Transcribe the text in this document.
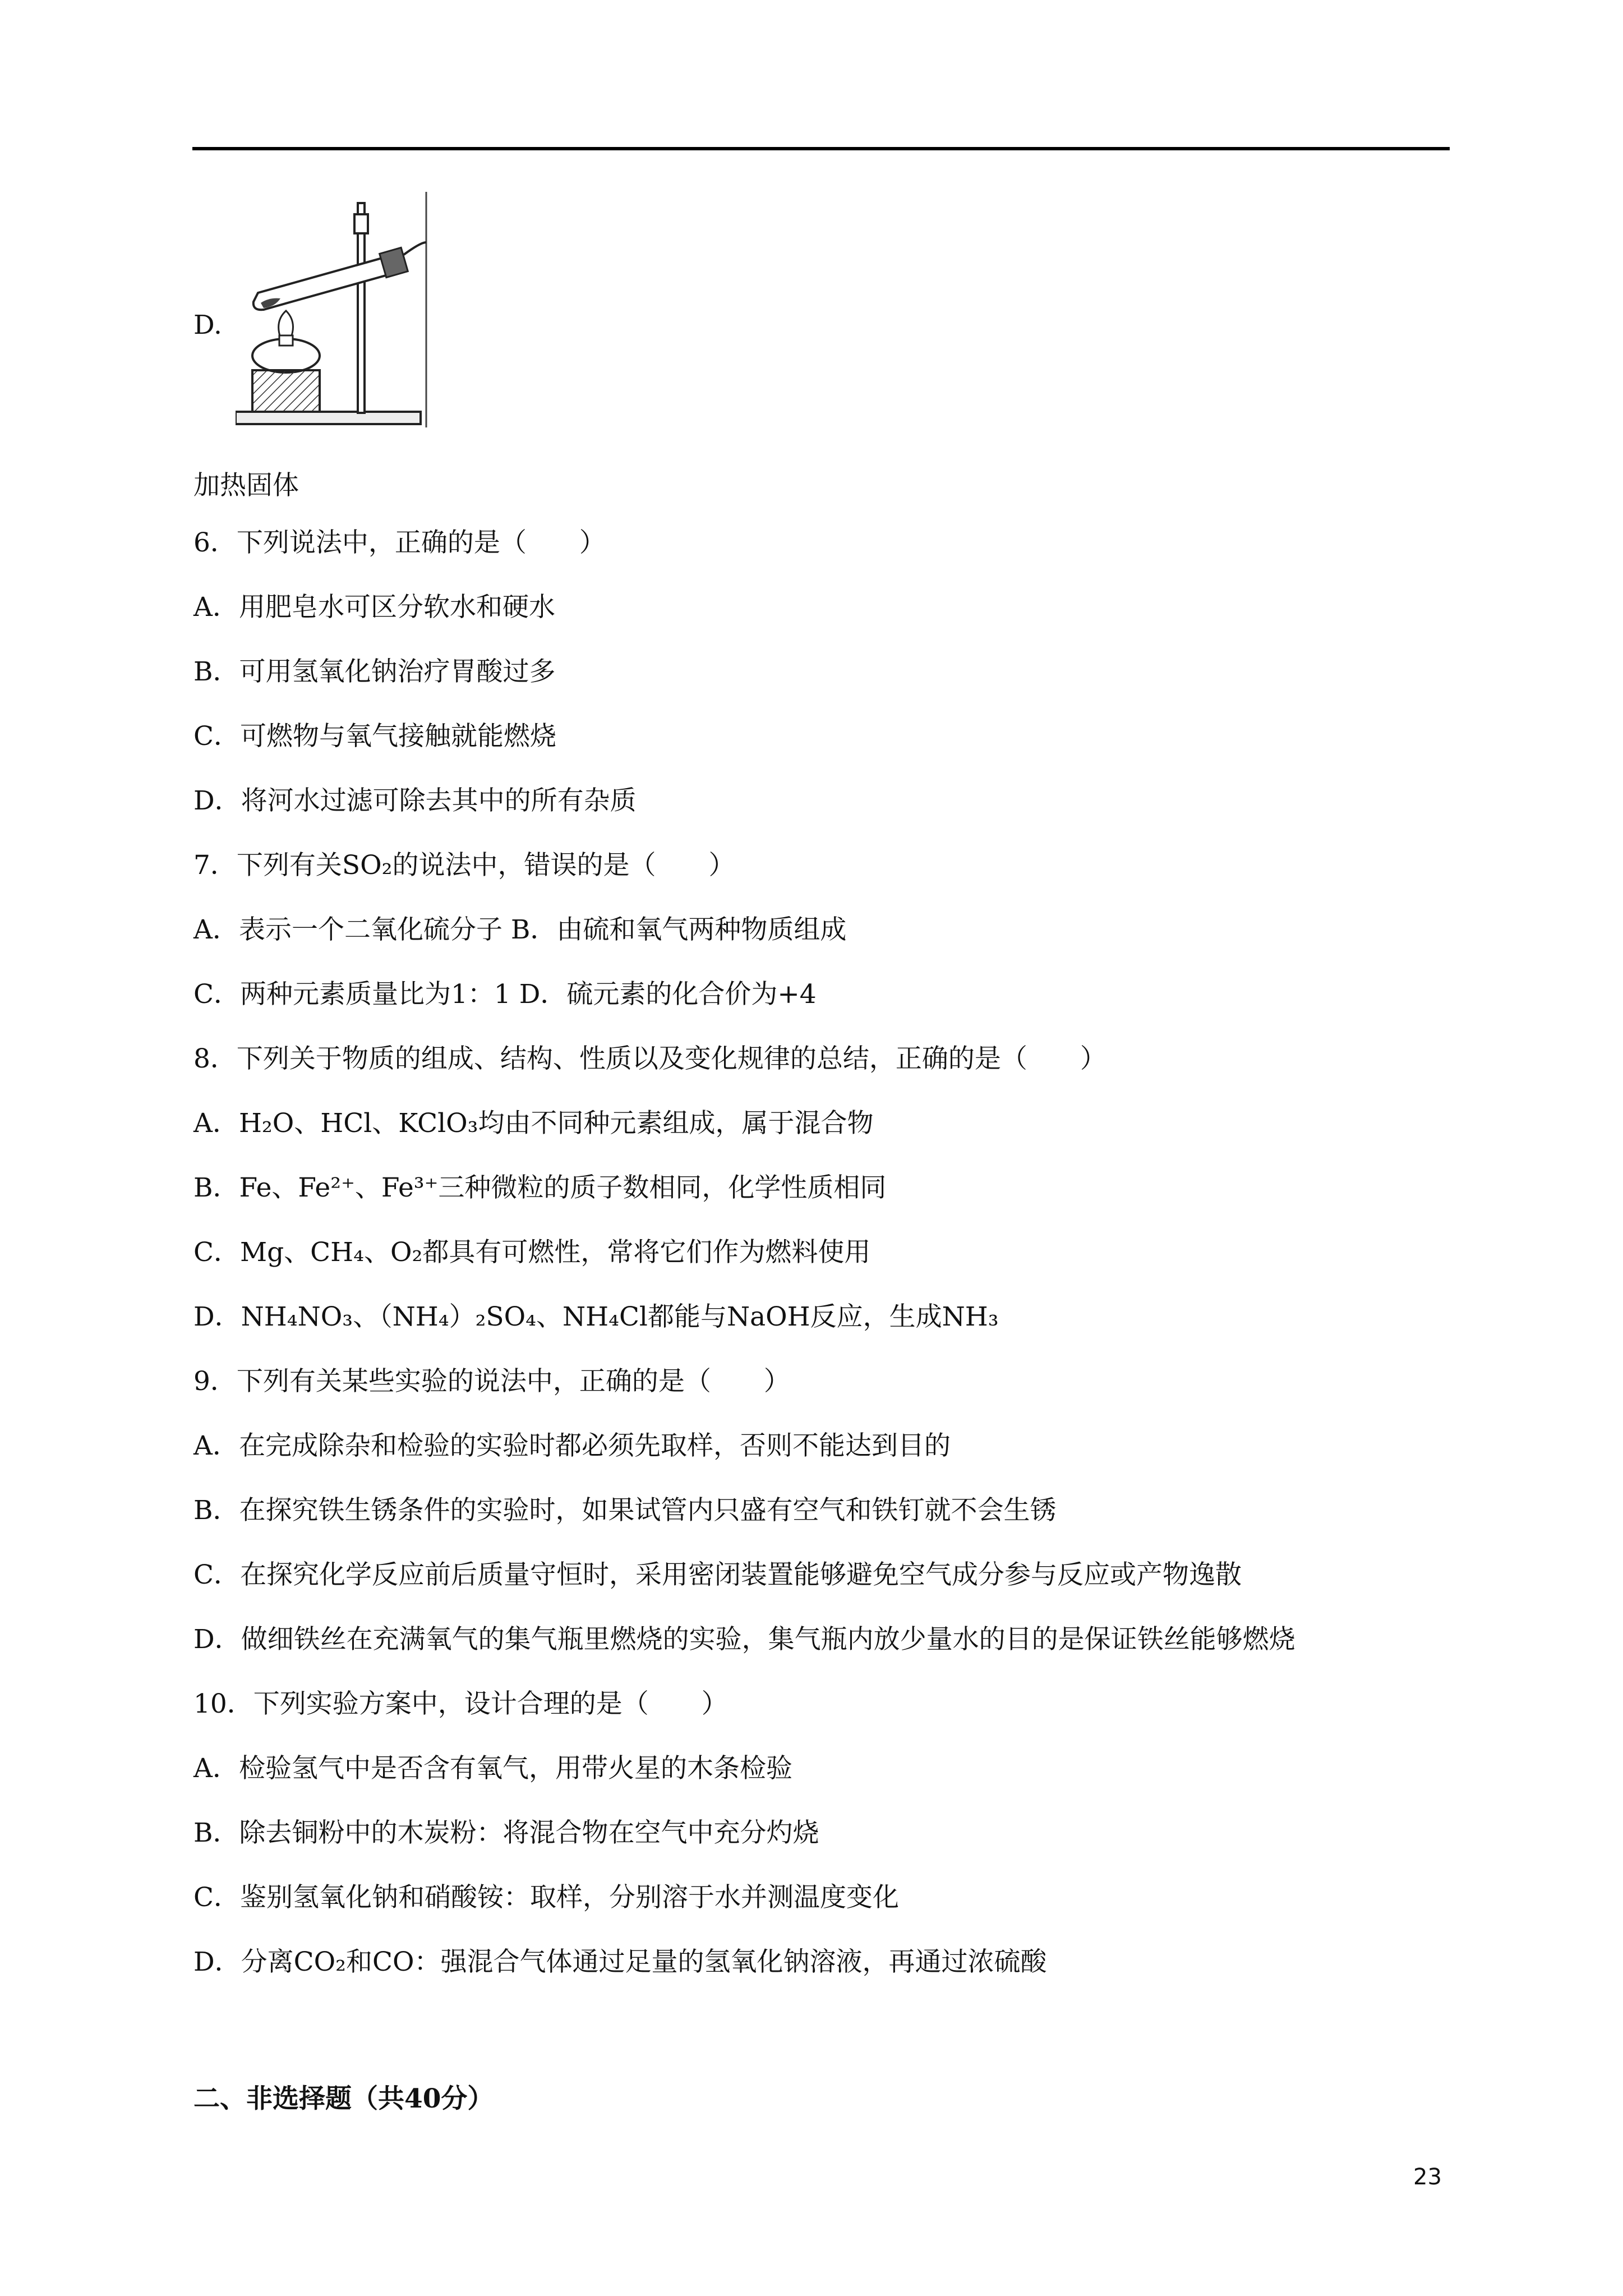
D.
加热固体
6．下列说法中，正确的是（　　）
A．用肥皂水可区分软水和硬水
B．可用氢氧化钠治疗胃酸过多
C．可燃物与氧气接触就能燃烧
D．将河水过滤可除去其中的所有杂质
7．下列有关SO₂的说法中，错误的是（　　）
A．表示一个二氧化硫分子 B．由硫和氧气两种物质组成
C．两种元素质量比为1：1 D．硫元素的化合价为+4
8．下列关于物质的组成、结构、性质以及变化规律的总结，正确的是（　　）
A．H₂O、HCl、KClO₃均由不同种元素组成，属于混合物
B．Fe、Fe²⁺、Fe³⁺三种微粒的质子数相同，化学性质相同
C．Mg、CH₄、O₂都具有可燃性，常将它们作为燃料使用
D．NH₄NO₃、（NH₄）₂SO₄、NH₄Cl都能与NaOH反应，生成NH₃
9．下列有关某些实验的说法中，正确的是（　　）
A．在完成除杂和检验的实验时都必须先取样，否则不能达到目的
B．在探究铁生锈条件的实验时，如果试管内只盛有空气和铁钉就不会生锈
C．在探究化学反应前后质量守恒时，采用密闭装置能够避免空气成分参与反应或产物逸散
D．做细铁丝在充满氧气的集气瓶里燃烧的实验，集气瓶内放少量水的目的是保证铁丝能够燃烧
10．下列实验方案中，设计合理的是（　　）
A．检验氢气中是否含有氧气，用带火星的木条检验
B．除去铜粉中的木炭粉：将混合物在空气中充分灼烧
C．鉴别氢氧化钠和硝酸铵：取样，分别溶于水并测温度变化
D．分离CO₂和CO：强混合气体通过足量的氢氧化钠溶液，再通过浓硫酸
二、非选择题（共40分）
23
